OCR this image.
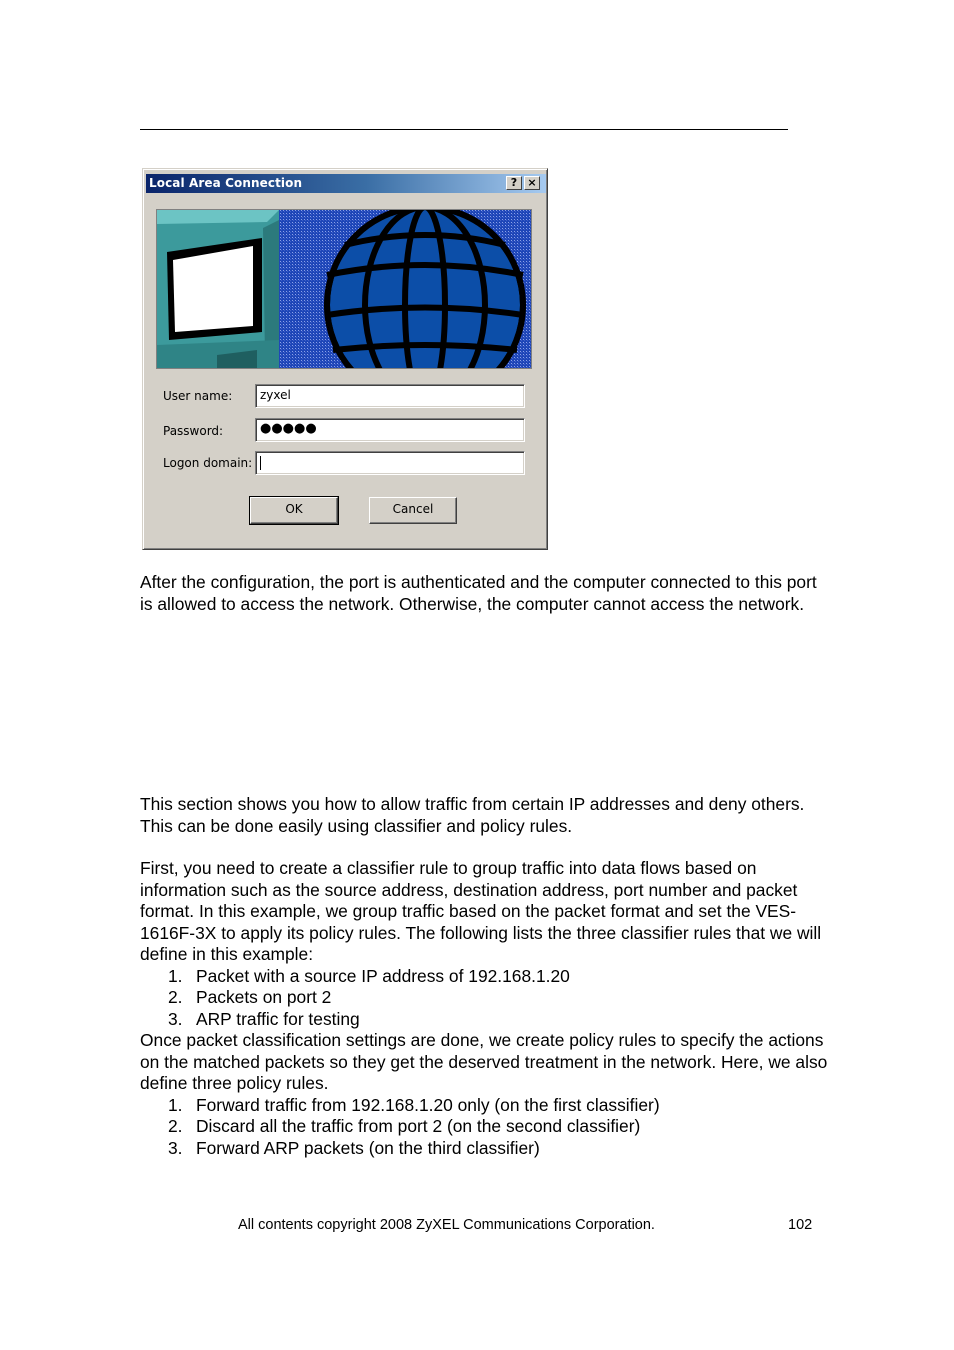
Local Area Connection	? ×
User name:	zyxel
Password:	●●●●●
Logon domain:
OK	Cancel

After the configuration, the port is authenticated and the computer connected to this port is allowed to access the network. Otherwise, the computer cannot access the network.

This section shows you how to allow traffic from certain IP addresses and deny others. This can be done easily using classifier and policy rules.

First, you need to create a classifier rule to group traffic into data flows based on information such as the source address, destination address, port number and packet format. In this example, we group traffic based on the packet format and set the VES-1616F-3X to apply its policy rules. The following lists the three classifier rules that we will define in this example:

1. Packet with a source IP address of 192.168.1.20
2. Packets on port 2
3. ARP traffic for testing

Once packet classification settings are done, we create policy rules to specify the actions on the matched packets so they get the deserved treatment in the network. Here, we also define three policy rules.

1. Forward traffic from 192.168.1.20 only (on the first classifier)
2. Discard all the traffic from port 2 (on the second classifier)
3. Forward ARP packets (on the third classifier)
All contents copyright 2008 ZyXEL Communications Corporation.	102
